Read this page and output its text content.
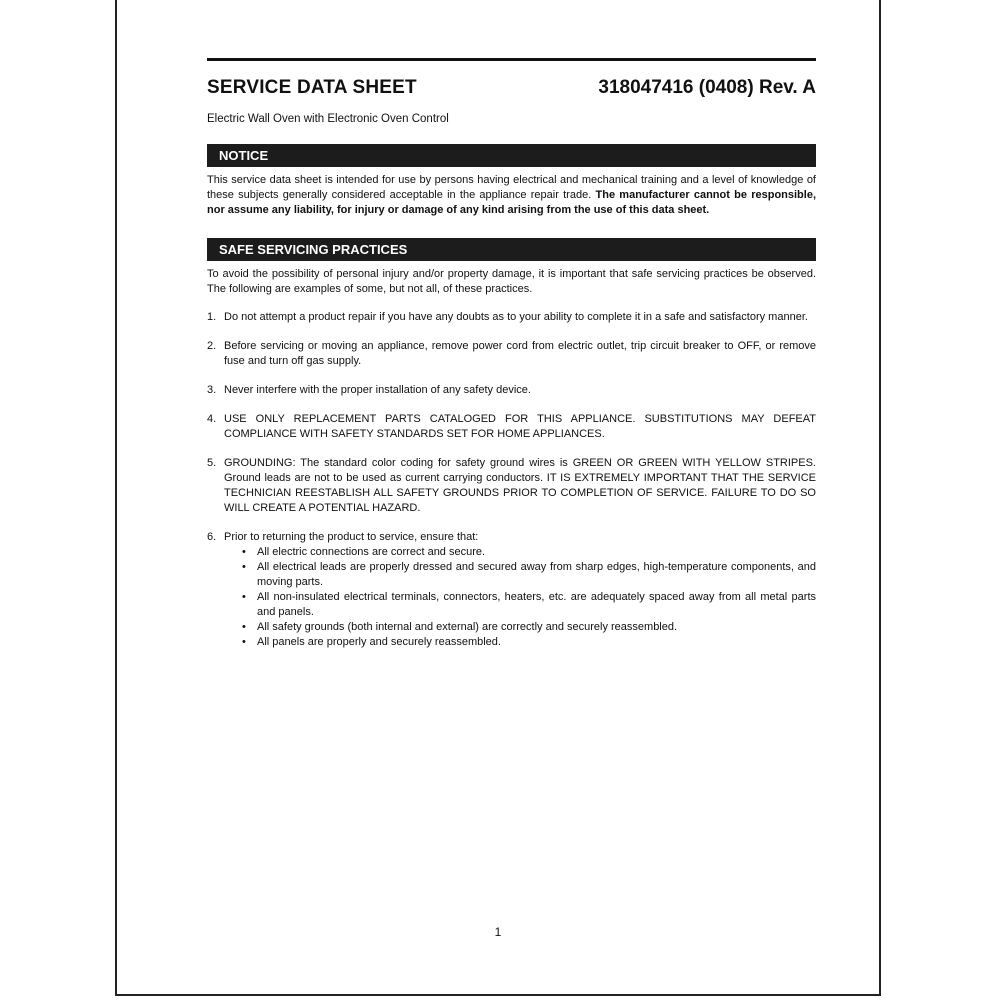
SERVICE DATA SHEET	318047416 (0408) Rev. A
Electric Wall Oven with Electronic Oven Control
NOTICE
This service data sheet is intended for use by persons having electrical and mechanical training and a level of knowledge of these subjects generally considered acceptable in the appliance repair trade. The manufacturer cannot be responsible, nor assume any liability, for injury or damage of any kind arising from the use of this data sheet.
SAFE SERVICING PRACTICES
To avoid the possibility of personal injury and/or property damage, it is important that safe servicing practices be observed. The following are examples of some, but not all, of these practices.
1. Do not attempt a product repair if you have any doubts as to your ability to complete it in a safe and satisfactory manner.
2. Before servicing or moving an appliance, remove power cord from electric outlet, trip circuit breaker to OFF, or remove fuse and turn off gas supply.
3. Never interfere with the proper installation of any safety device.
4. USE ONLY REPLACEMENT PARTS CATALOGED FOR THIS APPLIANCE. SUBSTITUTIONS MAY DEFEAT COMPLIANCE WITH SAFETY STANDARDS SET FOR HOME APPLIANCES.
5. GROUNDING: The standard color coding for safety ground wires is GREEN OR GREEN WITH YELLOW STRIPES. Ground leads are not to be used as current carrying conductors. IT IS EXTREMELY IMPORTANT THAT THE SERVICE TECHNICIAN REESTABLISH ALL SAFETY GROUNDS PRIOR TO COMPLETION OF SERVICE. FAILURE TO DO SO WILL CREATE A POTENTIAL HAZARD.
6. Prior to returning the product to service, ensure that:
• All electric connections are correct and secure.
• All electrical leads are properly dressed and secured away from sharp edges, high-temperature components, and moving parts.
• All non-insulated electrical terminals, connectors, heaters, etc. are adequately spaced away from all metal parts and panels.
• All safety grounds (both internal and external) are correctly and securely reassembled.
• All panels are properly and securely reassembled.
1
